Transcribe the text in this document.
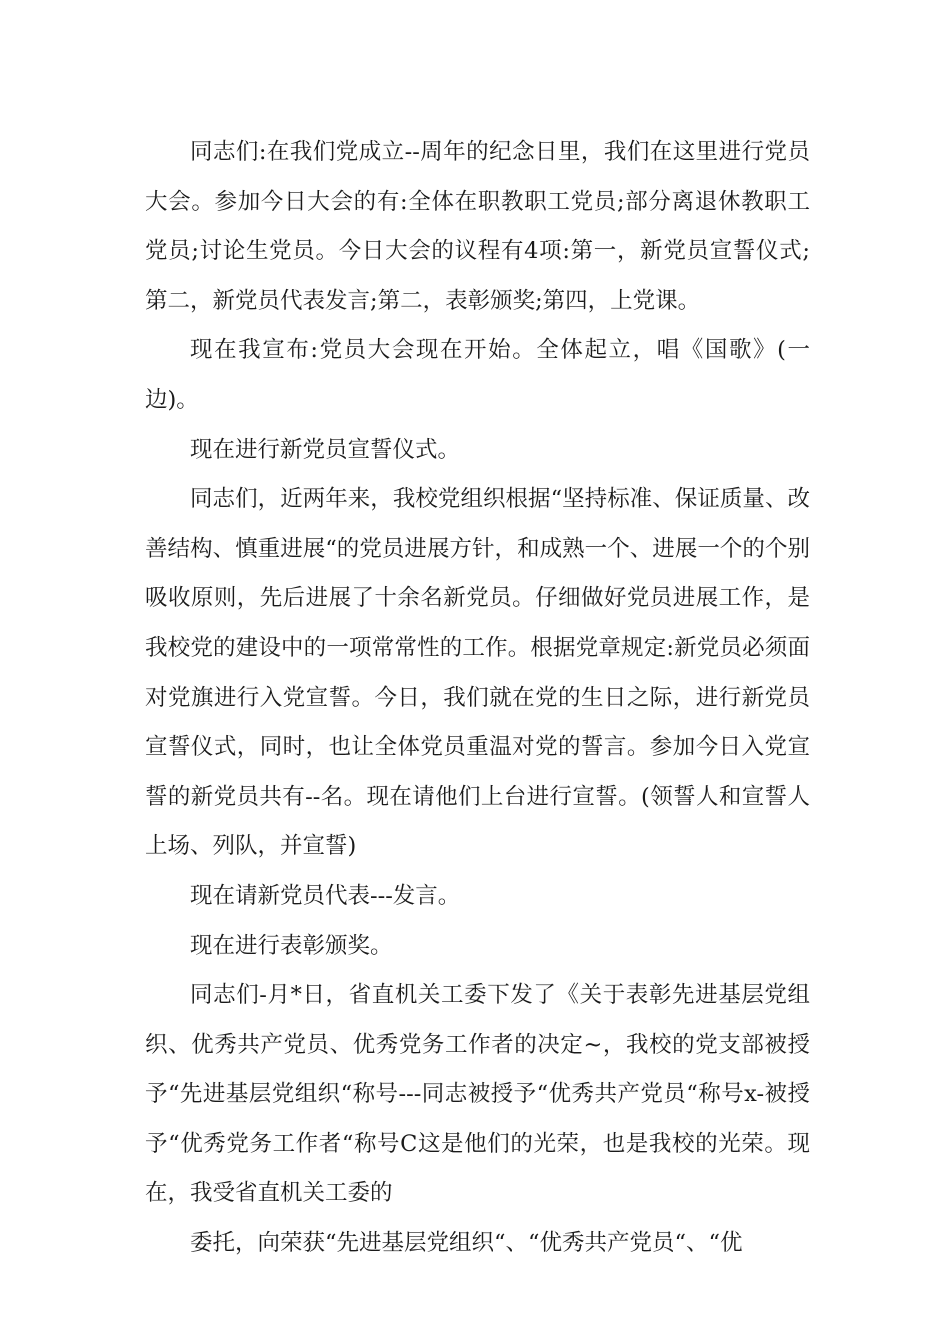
同志们:在我们党成立--周年的纪念日里，我们在这里进行党员大会。参加今日大会的有:全体在职教职工党员;部分离退休教职工党员;讨论生党员。今日大会的议程有4项:第一，新党员宣誓仪式;第二，新党员代表发言;第二，表彰颁奖;第四，上党课。

现在我宣布:党员大会现在开始。全体起立，唱《国歌》(一边)。

现在进行新党员宣誓仪式。

同志们，近两年来，我校党组织根据“坚持标准、保证质量、改善结构、慎重进展“的党员进展方针，和成熟一个、进展一个的个别吸收原则，先后进展了十余名新党员。仔细做好党员进展工作，是我校党的建设中的一项常常性的工作。根据党章规定:新党员必须面对党旗进行入党宣誓。今日，我们就在党的生日之际，进行新党员宣誓仪式，同时，也让全体党员重温对党的誓言。参加今日入党宣誓的新党员共有--名。现在请他们上台进行宣誓。(领誓人和宣誓人上场、列队，并宣誓)

现在请新党员代表---发言。

现在进行表彰颁奖。

同志们-月*日，省直机关工委下发了《关于表彰先进基层党组织、优秀共产党员、优秀党务工作者的决定~，我校的党支部被授予“先进基层党组织“称号---同志被授予“优秀共产党员“称号x-被授予“优秀党务工作者“称号C这是他们的光荣，也是我校的光荣。现在，我受省直机关工委的

委托，向荣获“先进基层党组织“、“优秀共产党员“、“优
